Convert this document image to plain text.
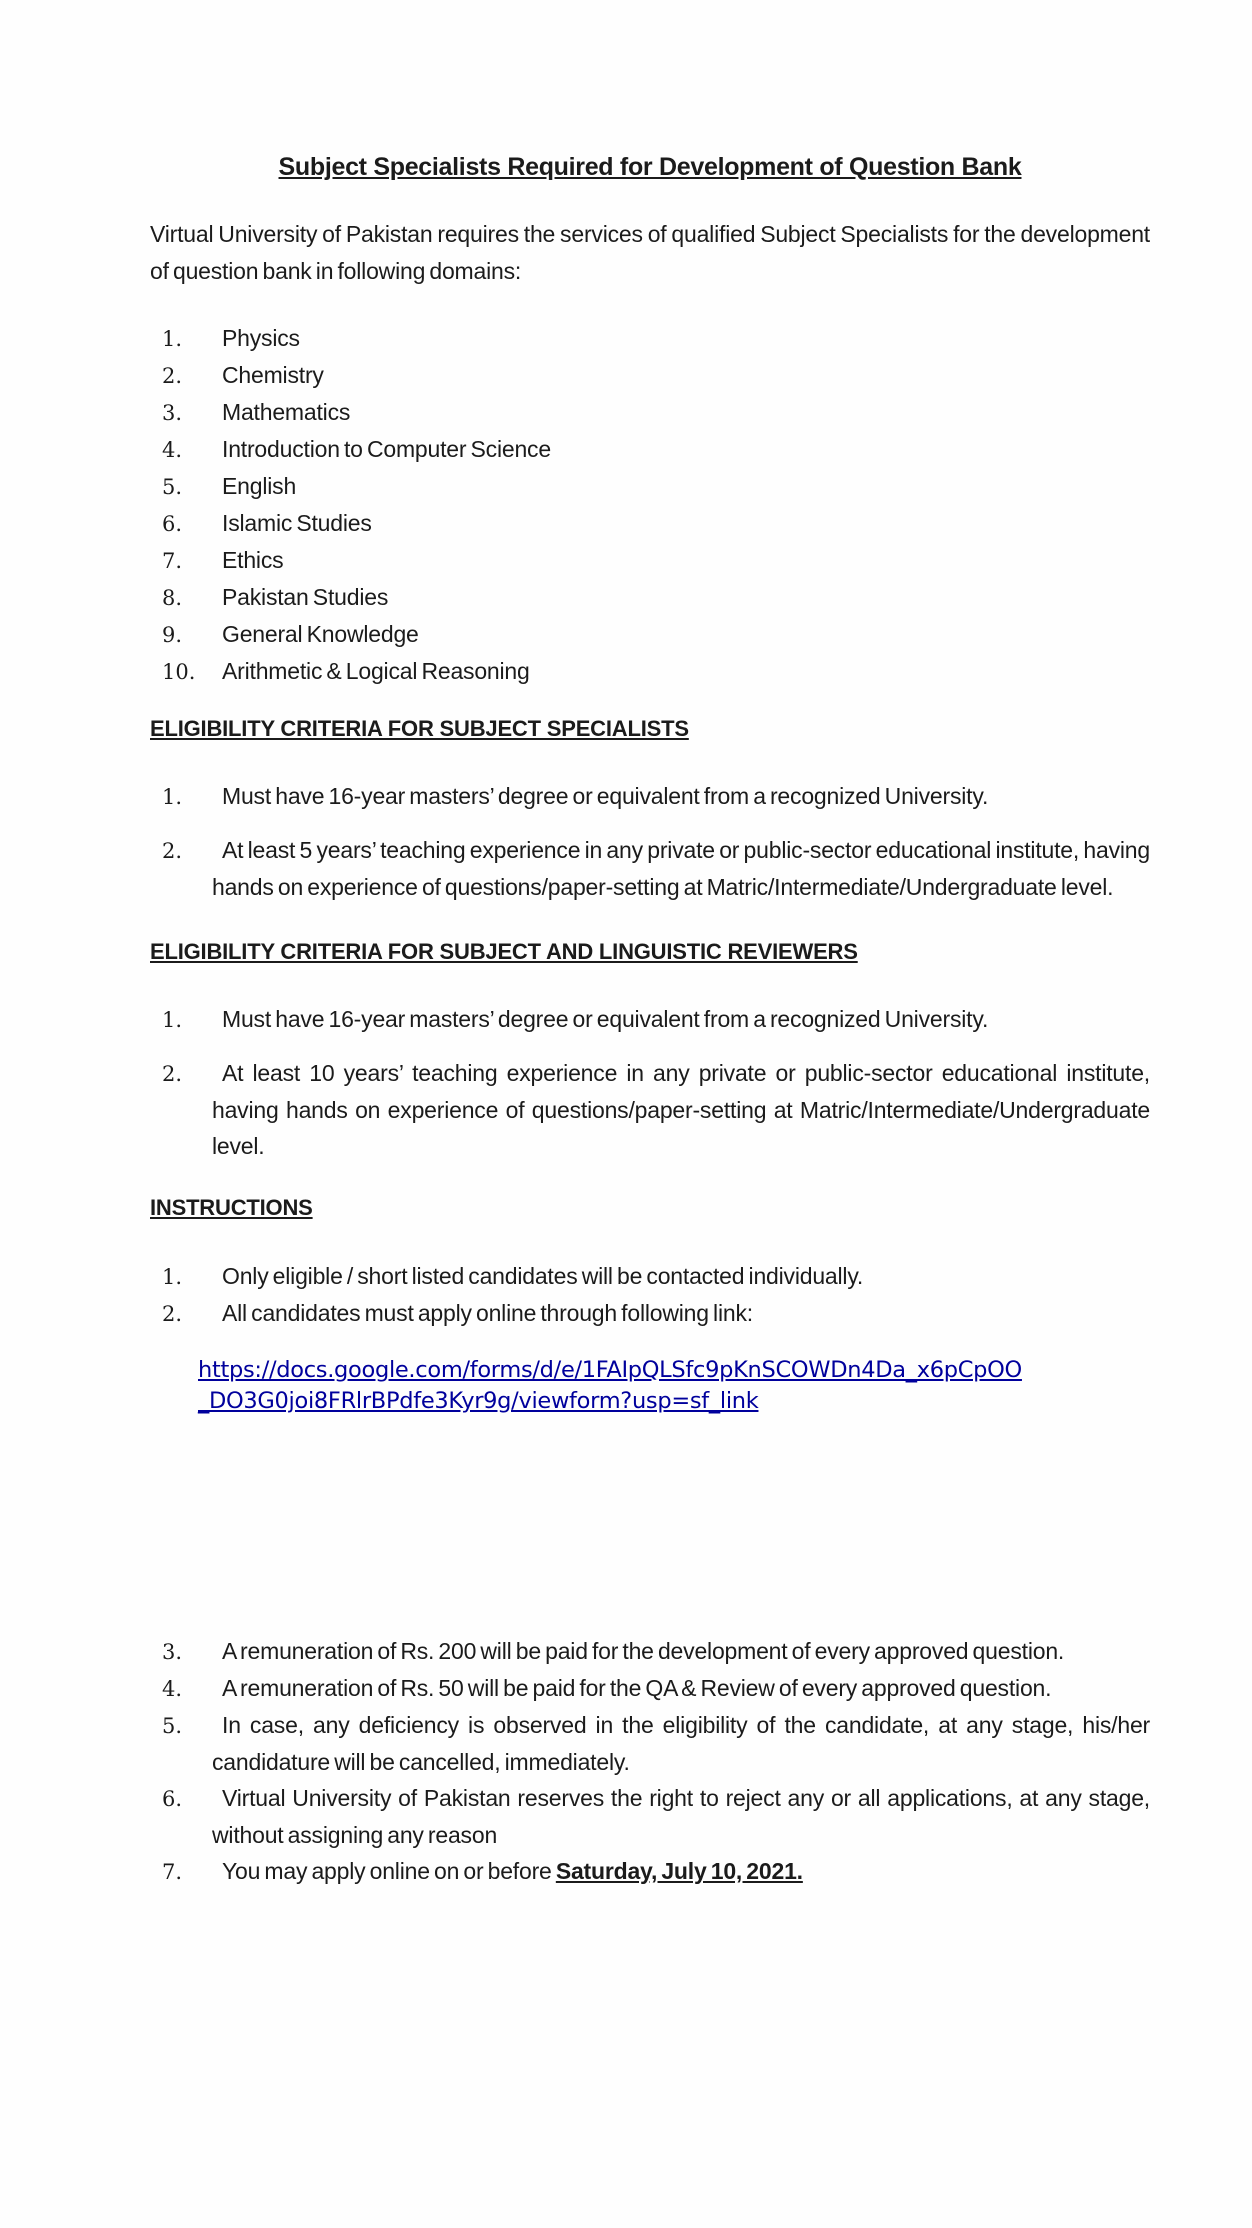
Subject Specialists Required for Development of Question Bank

Virtual University of Pakistan requires the services of qualified Subject Specialists for the development of question bank in following domains:

1. Physics
2. Chemistry
3. Mathematics
4. Introduction to Computer Science
5. English
6. Islamic Studies
7. Ethics
8. Pakistan Studies
9. General Knowledge
10. Arithmetic & Logical Reasoning
ELIGIBILITY CRITERIA FOR SUBJECT SPECIALISTS
1. Must have 16-year masters’ degree or equivalent from a recognized University.
2. At least 5 years’ teaching experience in any private or public-sector educational institute, having hands on experience of questions/paper-setting at Matric/Intermediate/Undergraduate level.
ELIGIBILITY CRITERIA FOR SUBJECT AND LINGUISTIC REVIEWERS
1. Must have 16-year masters’ degree or equivalent from a recognized University.
2. At least 10 years’ teaching experience in any private or public-sector educational institute, having hands on experience of questions/paper-setting at Matric/Intermediate/Undergraduate level.
INSTRUCTIONS
1. Only eligible / short listed candidates will be contacted individually.
2. All candidates must apply online through following link:
https://docs.google.com/forms/d/e/1FAIpQLSfc9pKnSCOWDn4Da_x6pCpOO
_DO3G0joi8FRlrBPdfe3Kyr9g/viewform?usp=sf_link
3. A remuneration of Rs. 200 will be paid for the development of every approved question.
4. A remuneration of Rs. 50 will be paid for the QA & Review of every approved question.
5. In case, any deficiency is observed in the eligibility of the candidate, at any stage, his/her candidature will be cancelled, immediately.
6. Virtual University of Pakistan reserves the right to reject any or all applications, at any stage, without assigning any reason
7. You may apply online on or before Saturday, July 10, 2021.
